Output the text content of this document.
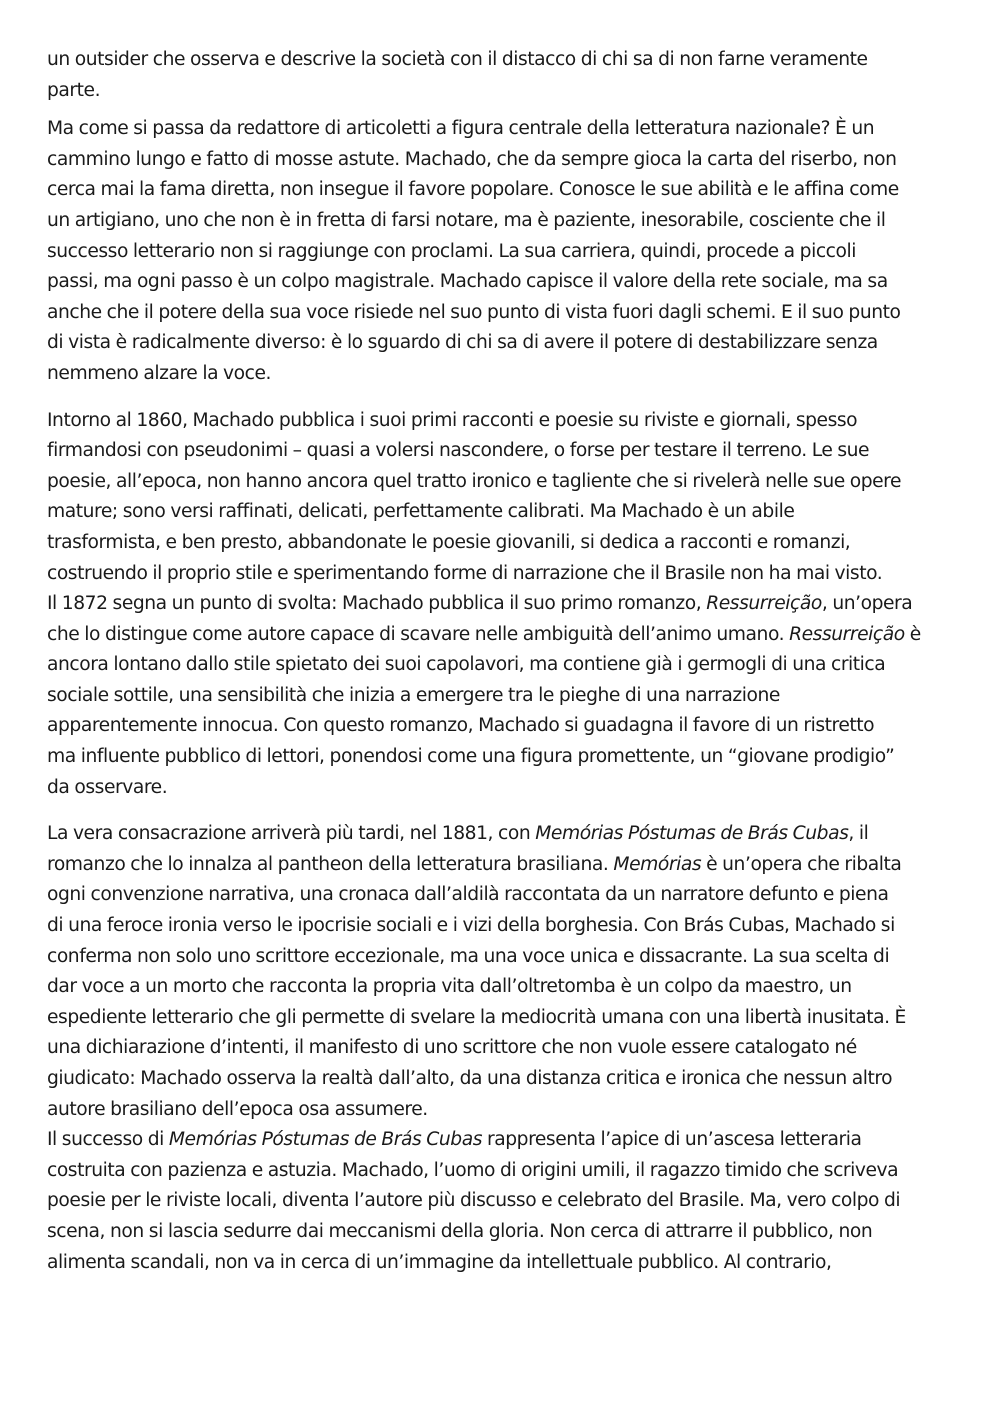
un outsider che osserva e descrive la società con il distacco di chi sa di non farne veramente
parte.

Ma come si passa da redattore di articoletti a figura centrale della letteratura nazionale? È un
cammino lungo e fatto di mosse astute. Machado, che da sempre gioca la carta del riserbo, non
cerca mai la fama diretta, non insegue il favore popolare. Conosce le sue abilità e le affina come
un artigiano, uno che non è in fretta di farsi notare, ma è paziente, inesorabile, cosciente che il
successo letterario non si raggiunge con proclami. La sua carriera, quindi, procede a piccoli
passi, ma ogni passo è un colpo magistrale. Machado capisce il valore della rete sociale, ma sa
anche che il potere della sua voce risiede nel suo punto di vista fuori dagli schemi. E il suo punto
di vista è radicalmente diverso: è lo sguardo di chi sa di avere il potere di destabilizzare senza
nemmeno alzare la voce.

Intorno al 1860, Machado pubblica i suoi primi racconti e poesie su riviste e giornali, spesso
firmandosi con pseudonimi – quasi a volersi nascondere, o forse per testare il terreno. Le sue
poesie, all’epoca, non hanno ancora quel tratto ironico e tagliente che si rivelerà nelle sue opere
mature; sono versi raffinati, delicati, perfettamente calibrati. Ma Machado è un abile
trasformista, e ben presto, abbandonate le poesie giovanili, si dedica a racconti e romanzi,
costruendo il proprio stile e sperimentando forme di narrazione che il Brasile non ha mai visto.
Il 1872 segna un punto di svolta: Machado pubblica il suo primo romanzo, Ressurreição, un’opera
che lo distingue come autore capace di scavare nelle ambiguità dell’animo umano. Ressurreição è
ancora lontano dallo stile spietato dei suoi capolavori, ma contiene già i germogli di una critica
sociale sottile, una sensibilità che inizia a emergere tra le pieghe di una narrazione
apparentemente innocua. Con questo romanzo, Machado si guadagna il favore di un ristretto
ma influente pubblico di lettori, ponendosi come una figura promettente, un “giovane prodigio”
da osservare.

La vera consacrazione arriverà più tardi, nel 1881, con Memórias Póstumas de Brás Cubas, il
romanzo che lo innalza al pantheon della letteratura brasiliana. Memórias è un’opera che ribalta
ogni convenzione narrativa, una cronaca dall’aldilà raccontata da un narratore defunto e piena
di una feroce ironia verso le ipocrisie sociali e i vizi della borghesia. Con Brás Cubas, Machado si
conferma non solo uno scrittore eccezionale, ma una voce unica e dissacrante. La sua scelta di
dar voce a un morto che racconta la propria vita dall’oltretomba è un colpo da maestro, un
espediente letterario che gli permette di svelare la mediocrità umana con una libertà inusitata. È
una dichiarazione d’intenti, il manifesto di uno scrittore che non vuole essere catalogato né
giudicato: Machado osserva la realtà dall’alto, da una distanza critica e ironica che nessun altro
autore brasiliano dell’epoca osa assumere.

Il successo di Memórias Póstumas de Brás Cubas rappresenta l’apice di un’ascesa letteraria
costruita con pazienza e astuzia. Machado, l’uomo di origini umili, il ragazzo timido che scriveva
poesie per le riviste locali, diventa l’autore più discusso e celebrato del Brasile. Ma, vero colpo di
scena, non si lascia sedurre dai meccanismi della gloria. Non cerca di attrarre il pubblico, non
alimenta scandali, non va in cerca di un’immagine da intellettuale pubblico. Al contrario,
